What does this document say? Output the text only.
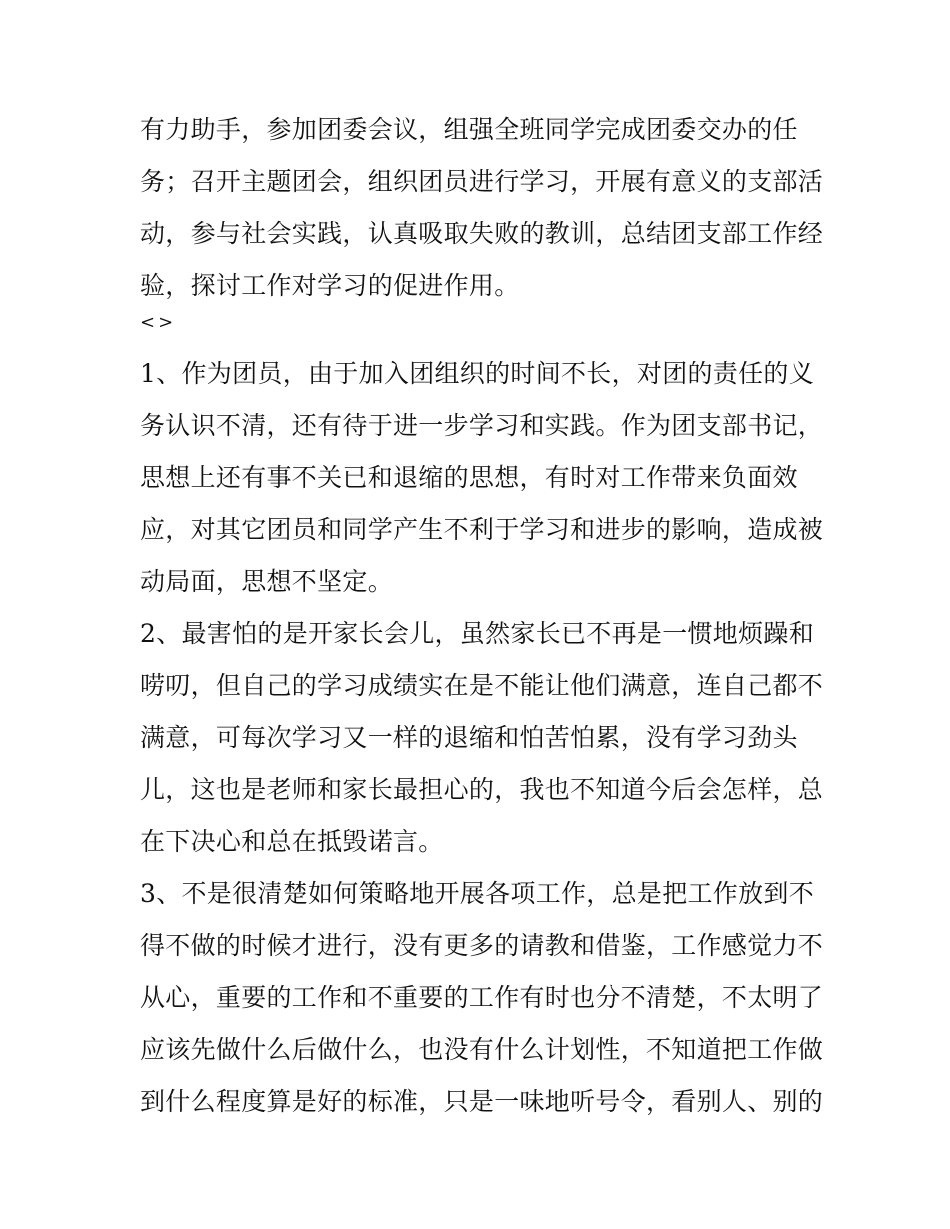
有力助手，参加团委会议，组强全班同学完成团委交办的任
务；召开主题团会，组织团员进行学习，开展有意义的支部活
动，参与社会实践，认真吸取失败的教训，总结团支部工作经
验，探讨工作对学习的促进作用。
<>
1、作为团员，由于加入团组织的时间不长，对团的责任的义
务认识不清，还有待于进一步学习和实践。作为团支部书记，
思想上还有事不关已和退缩的思想，有时对工作带来负面效
应，对其它团员和同学产生不利于学习和进步的影响，造成被
动局面，思想不坚定。
2、最害怕的是开家长会儿，虽然家长已不再是一惯地烦躁和
唠叨，但自己的学习成绩实在是不能让他们满意，连自己都不
满意，可每次学习又一样的退缩和怕苦怕累，没有学习劲头
儿，这也是老师和家长最担心的，我也不知道今后会怎样，总
在下决心和总在抵毁诺言。
3、不是很清楚如何策略地开展各项工作，总是把工作放到不
得不做的时候才进行，没有更多的请教和借鉴，工作感觉力不
从心，重要的工作和不重要的工作有时也分不清楚，不太明了
应该先做什么后做什么，也没有什么计划性，不知道把工作做
到什么程度算是好的标准，只是一味地听号令，看别人、别的
